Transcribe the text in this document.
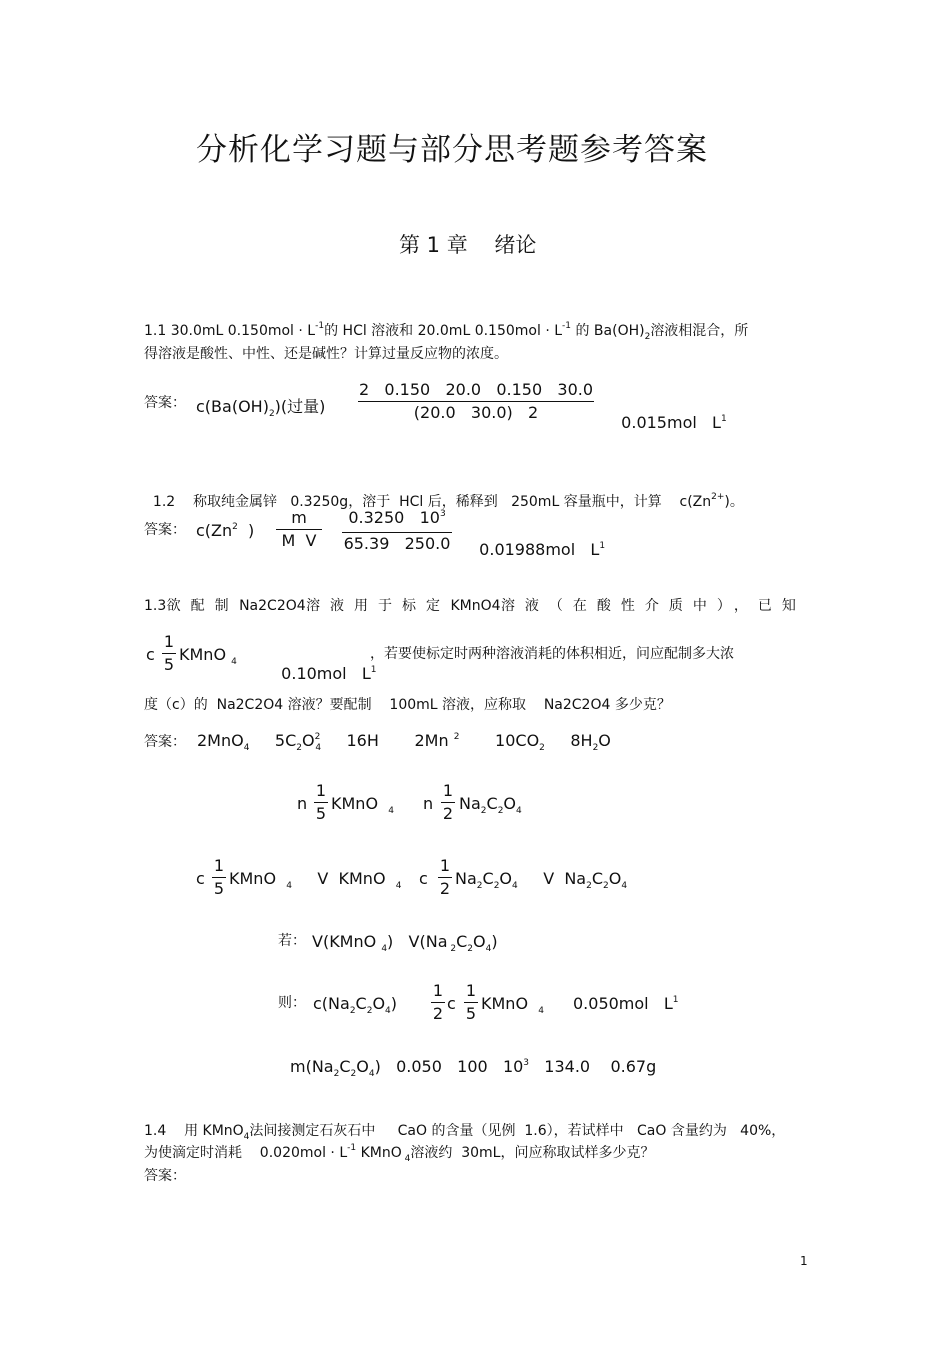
分析化学习题与部分思考题参考答案
第 1 章    绪论
1.1 30.0mL $0.150mol \cdot L^{-1}$的 HCl 溶液和 20.0mL $0.150mol \cdot L^{-1}$ 的 $Ba(OH)_2$溶液相混合，所
得溶液是酸性、中性、还是碱性？计算过量反应物的浓度。
答案： $c(Ba(OH)_2)$(过量)
2   0.150   20.0   0.150   30.0
(20.0   30.0)   2

0.015mol   $L^1$

1.2    称取纯金属锌   0.3250g，溶于  HCl 后，稀释到   250mL 容量瓶中，计算    $c(Zn^{2+})$。

答案： c(Zn$^2$ )
m
M  V
0.3250   $10^3$
65.39   250.0	0.01988mol   $L^1$

1.3 欲配制 Na2C2O4 溶液用于标定 KMnO4 溶液（在酸性介质中），已知
c
1
5
KMnO $_4$

0.10mol   $L^1$

，若要使标定时两种溶液消耗的体积相近，问应配制多大浓
度（c）的  Na2C2O4 溶液？要配制    100mL 溶液，应称取    Na2C2O4 多少克？
答案： 2MnO$_4$ $5C_2O^2_4$ 16H 2Mn $^2$ $10CO_2$ $8H_2O$
n
1
5
KMnO $_4$ n
1
2
$Na_2C_2O_4$
c
1
5
KMnO $_4$ V KMnO $_4$ c
1
2
$Na_2C_2O_4$ V $Na_2C_2O_4$
若： V(KMnO $_4$)   V(Na $_2C_2O_4$)
则： $c(Na_2C_2O_4)$
1
2
c
1
5
KMnO $_4$ 0.050mol   $L^1$
$m(Na_2C_2O_4)$   0.050   100   $10^3$   134.0    0.67g
1.4    用 KMnO$_4$法间接测定石灰石中     CaO 的含量（见例  1.6），若试样中   CaO 含量约为   40%，
为使滴定时消耗    $0.020mol \cdot L^{-1}$ KMnO $_4$溶液约  30mL，问应称取试样多少克？
答案：
1
